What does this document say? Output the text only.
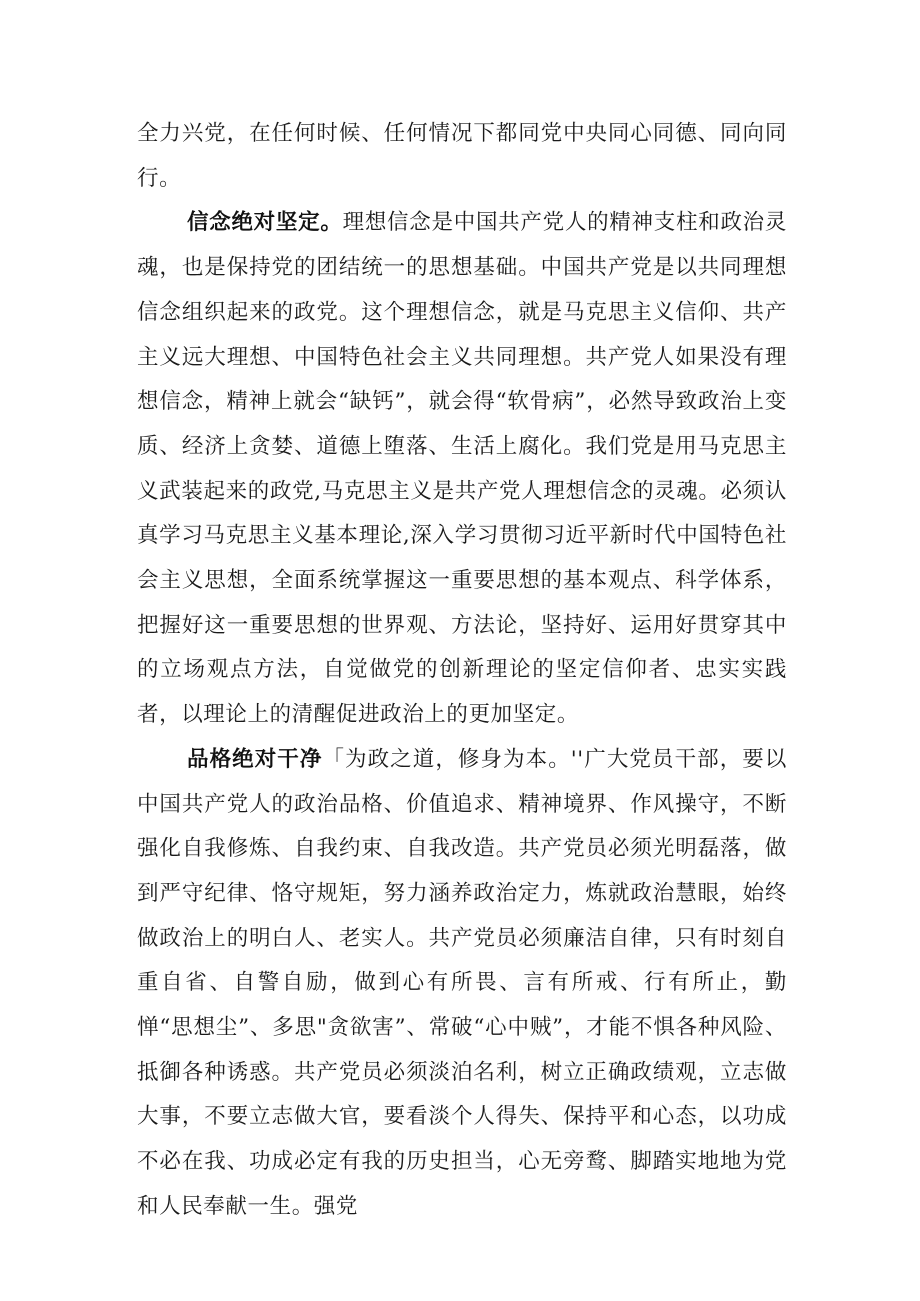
全力兴党，在任何时候、任何情况下都同党中央同心同德、同向同行。

信念绝对坚定。理想信念是中国共产党人的精神支柱和政治灵魂，也是保持党的团结统一的思想基础。中国共产党是以共同理想信念组织起来的政党。这个理想信念，就是马克思主义信仰、共产主义远大理想、中国特色社会主义共同理想。共产党人如果没有理想信念，精神上就会“缺钙”，就会得“软骨病”，必然导致政治上变质、经济上贪婪、道德上堕落、生活上腐化。我们党是用马克思主义武装起来的政党,马克思主义是共产党人理想信念的灵魂。必须认真学习马克思主义基本理论,深入学习贯彻习近平新时代中国特色社会主义思想，全面系统掌握这一重要思想的基本观点、科学体系，把握好这一重要思想的世界观、方法论，坚持好、运用好贯穿其中的立场观点方法，自觉做党的创新理论的坚定信仰者、忠实实践者，以理论上的清醒促进政治上的更加坚定。

品格绝对干净「为政之道，修身为本。''广大党员干部，要以中国共产党人的政治品格、价值追求、精神境界、作风操守，不断强化自我修炼、自我约束、自我改造。共产党员必须光明磊落，做到严守纪律、恪守规矩，努力涵养政治定力，炼就政治慧眼，始终做政治上的明白人、老实人。共产党员必须廉洁自律，只有时刻自重自省、自警自励，做到心有所畏、言有所戒、行有所止，勤惮“思想尘”、多思"贪欲害”、常破“心中贼”，才能不惧各种风险、抵御各种诱惑。共产党员必须淡泊名利，树立正确政绩观，立志做大事，不要立志做大官，要看淡个人得失、保持平和心态，以功成不必在我、功成必定有我的历史担当，心无旁鹜、脚踏实地地为党和人民奉献一生。强党
